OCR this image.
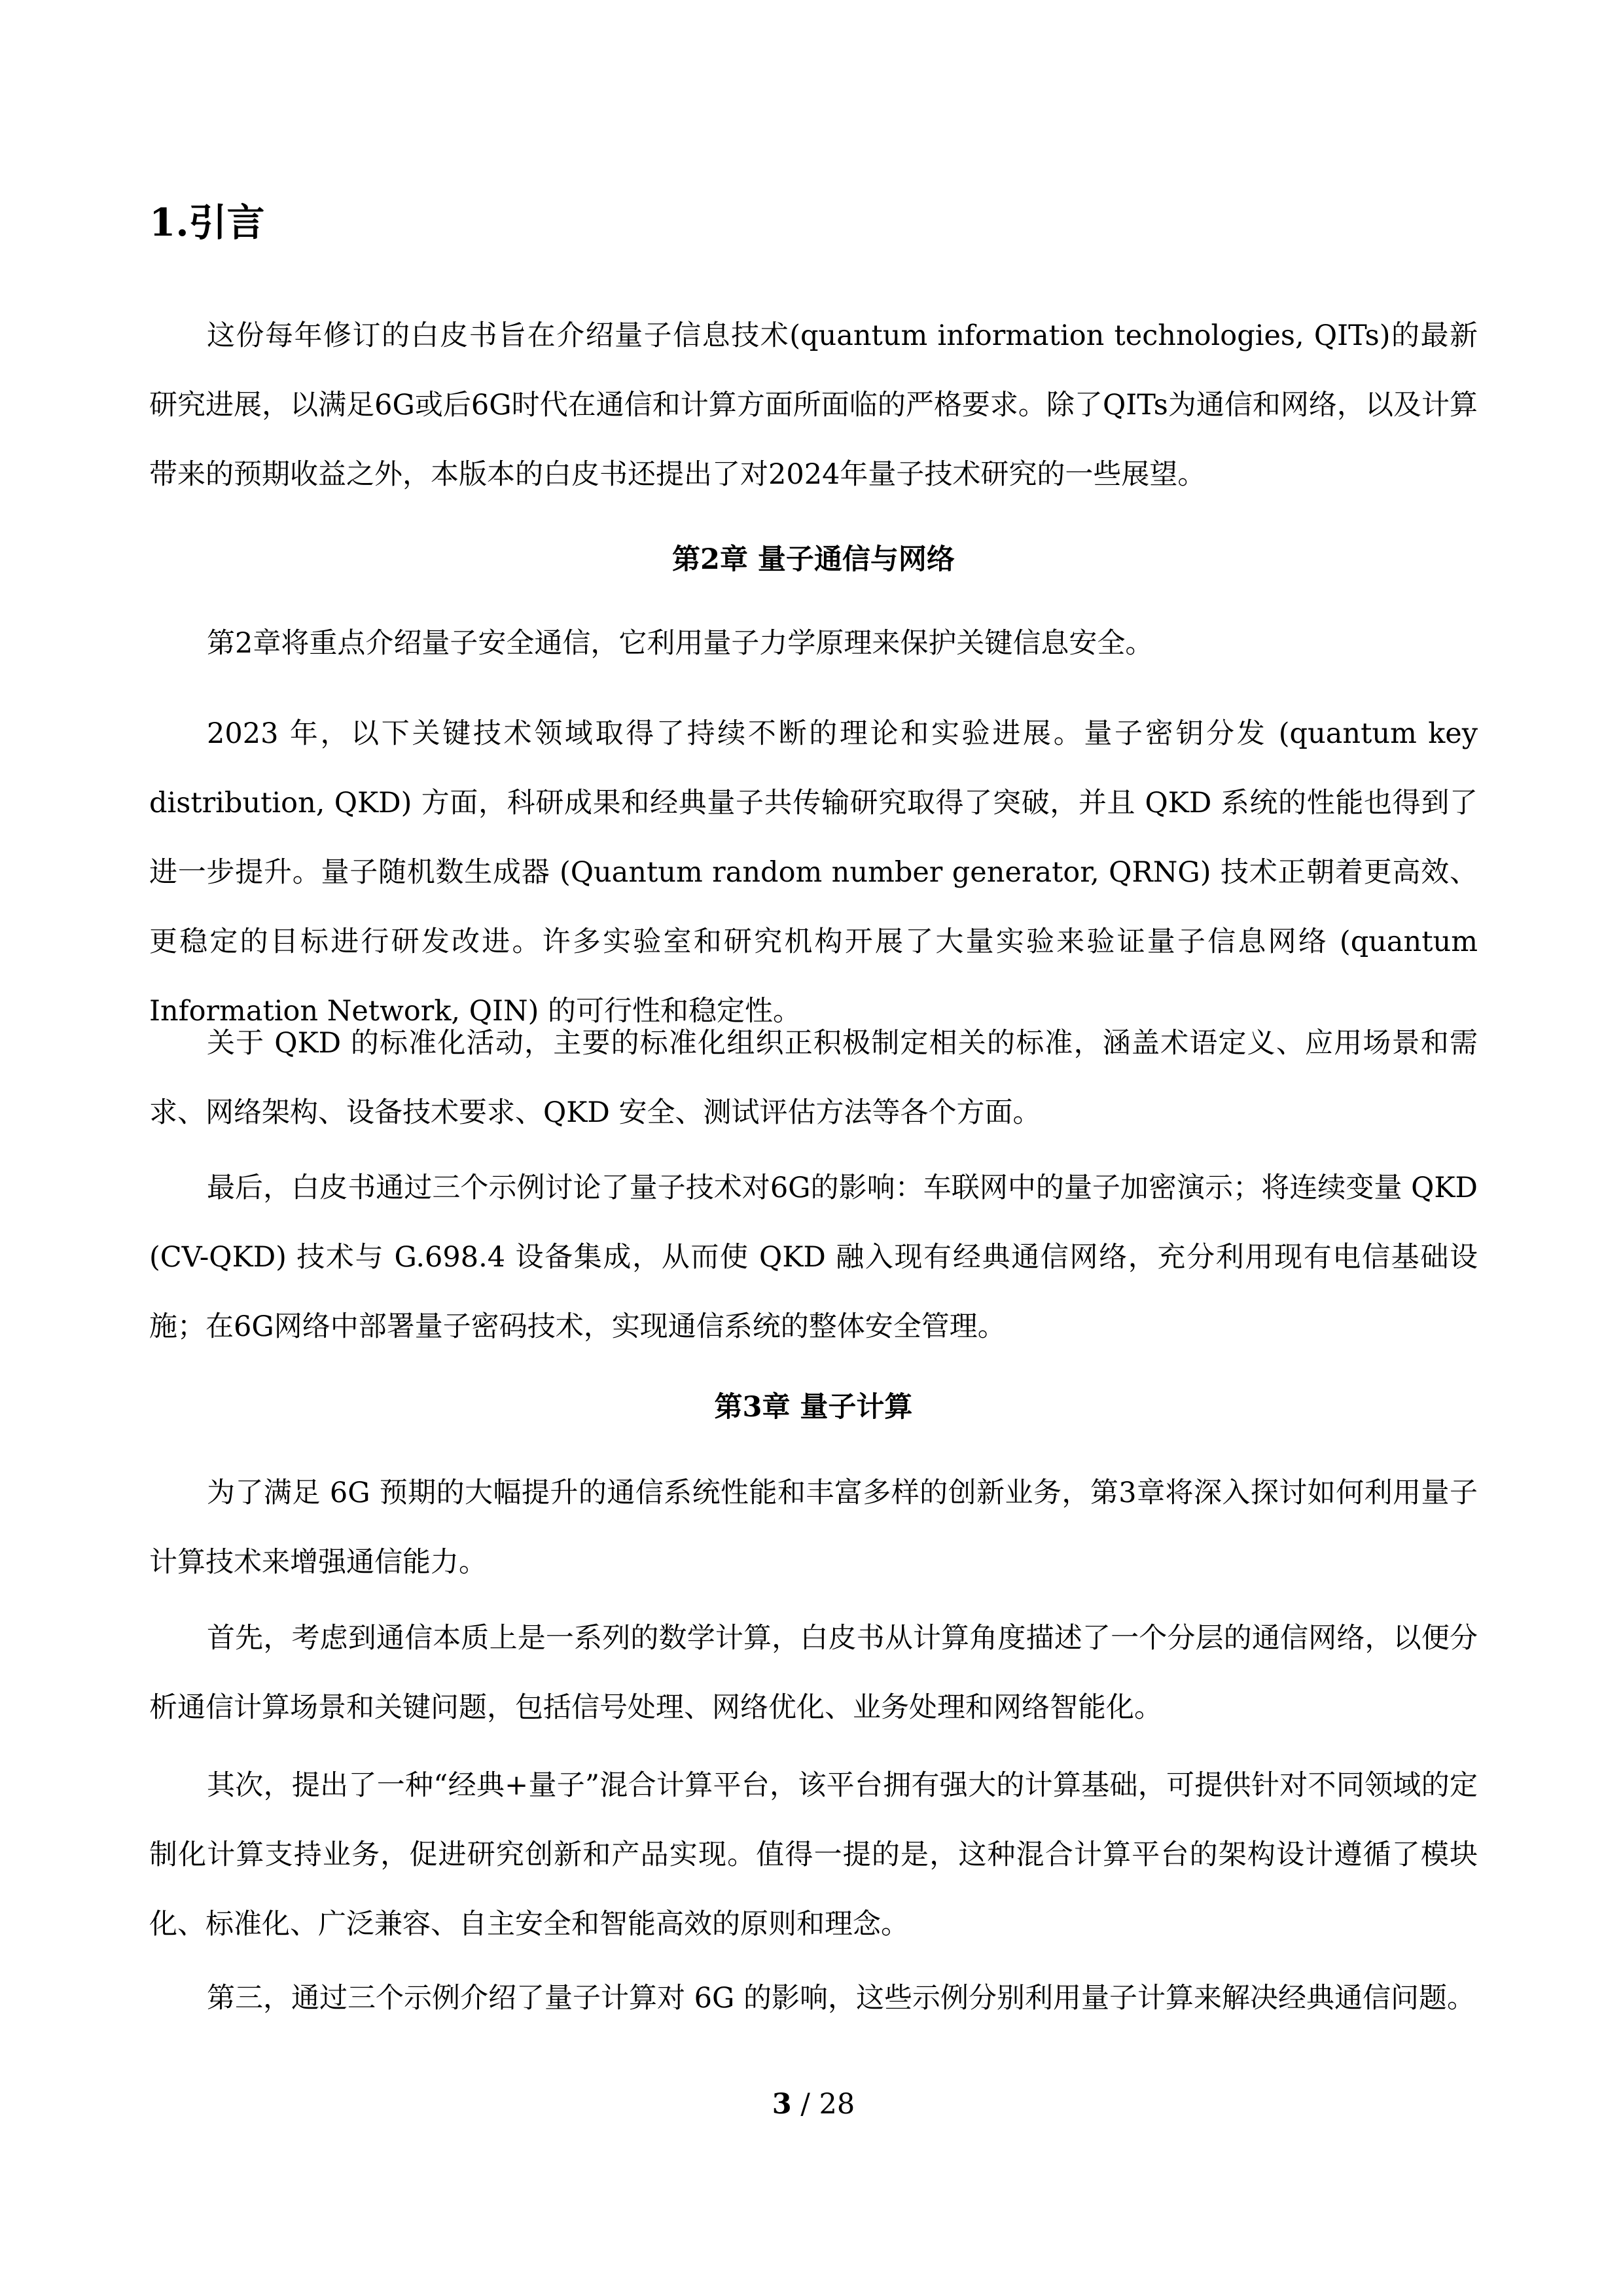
1.引言

这份每年修订的白皮书旨在介绍量子信息技术(quantum information technologies, QITs)的最新研究进展，以满足6G或后6G时代在通信和计算方面所面临的严格要求。除了QITs为通信和网络，以及计算带来的预期收益之外，本版本的白皮书还提出了对2024年量子技术研究的一些展望。

第2章 量子通信与网络

第2章将重点介绍量子安全通信，它利用量子力学原理来保护关键信息安全。

2023 年，以下关键技术领域取得了持续不断的理论和实验进展。量子密钥分发 (quantum key distribution, QKD) 方面，科研成果和经典量子共传输研究取得了突破，并且 QKD 系统的性能也得到了进一步提升。量子随机数生成器 (Quantum random number generator, QRNG) 技术正朝着更高效、更稳定的目标进行研发改进。许多实验室和研究机构开展了大量实验来验证量子信息网络 (quantum Information Network, QIN) 的可行性和稳定性。

关于 QKD 的标准化活动，主要的标准化组织正积极制定相关的标准，涵盖术语定义、应用场景和需求、网络架构、设备技术要求、QKD 安全、测试评估方法等各个方面。

最后，白皮书通过三个示例讨论了量子技术对6G的影响：车联网中的量子加密演示；将连续变量 QKD (CV-QKD) 技术与 G.698.4 设备集成，从而使 QKD 融入现有经典通信网络，充分利用现有电信基础设施；在6G网络中部署量子密码技术，实现通信系统的整体安全管理。

第3章 量子计算

为了满足 6G 预期的大幅提升的通信系统性能和丰富多样的创新业务，第3章将深入探讨如何利用量子计算技术来增强通信能力。

首先，考虑到通信本质上是一系列的数学计算，白皮书从计算角度描述了一个分层的通信网络，以便分析通信计算场景和关键问题，包括信号处理、网络优化、业务处理和网络智能化。

其次，提出了一种“经典+量子”混合计算平台，该平台拥有强大的计算基础，可提供针对不同领域的定制化计算支持业务，促进研究创新和产品实现。值得一提的是，这种混合计算平台的架构设计遵循了模块化、标准化、广泛兼容、自主安全和智能高效的原则和理念。

第三，通过三个示例介绍了量子计算对 6G 的影响，这些示例分别利用量子计算来解决经典通信问题。

3 / 28
